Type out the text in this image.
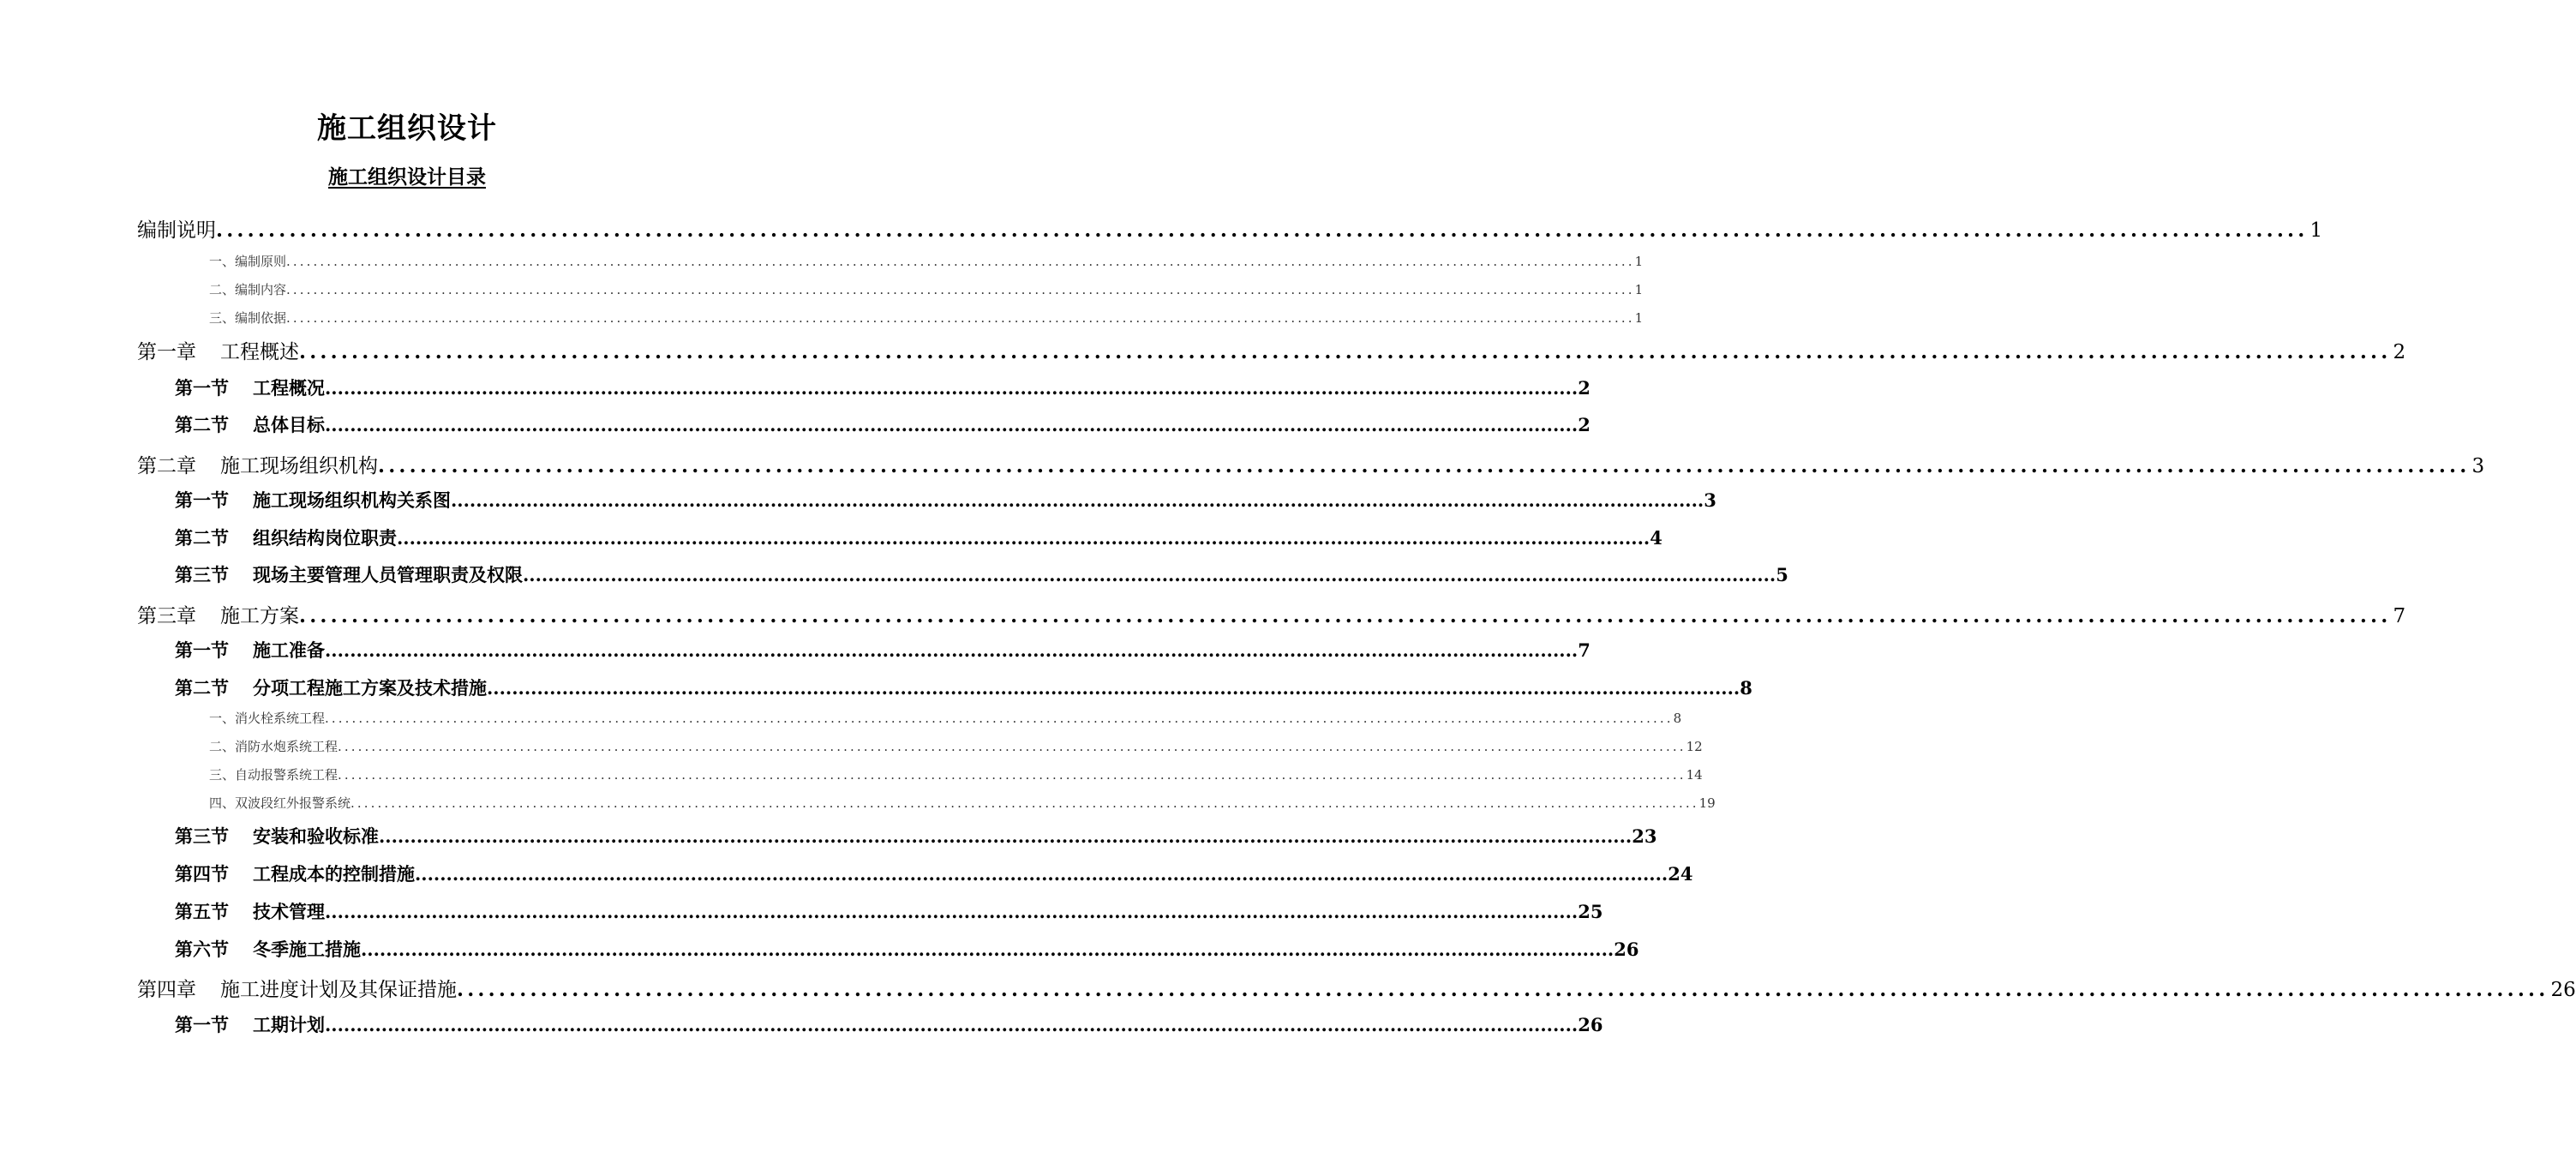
施工组织设计
施工组织设计目录
编制说明 ........................................................................................................................................................................................................ 1
一、编制原则 ........................................................................................................................................................................................................ 1
二、编制内容 ........................................................................................................................................................................................................ 1
三、编制依据 ........................................................................................................................................................................................................ 1
第一章 工程概述 ........................................................................................................................................................................................................ 2
第一节 工程概况 ........................................................................................................................................................................................................ 2
第二节 总体目标 ........................................................................................................................................................................................................ 2
第二章 施工现场组织机构 ........................................................................................................................................................................................................ 3
第一节 施工现场组织机构关系图 ........................................................................................................................................................................................................ 3
第二节 组织结构岗位职责 ........................................................................................................................................................................................................ 4
第三节 现场主要管理人员管理职责及权限 ........................................................................................................................................................................................................ 5
第三章 施工方案 ........................................................................................................................................................................................................ 7
第一节 施工准备 ........................................................................................................................................................................................................ 7
第二节 分项工程施工方案及技术措施 ........................................................................................................................................................................................................ 8
一、消火栓系统工程 ........................................................................................................................................................................................................ 8
二、消防水炮系统工程 ........................................................................................................................................................................................................ 12
三、自动报警系统工程 ........................................................................................................................................................................................................ 14
四、双波段红外报警系统 ........................................................................................................................................................................................................ 19
第三节 安装和验收标准 ........................................................................................................................................................................................................ 23
第四节 工程成本的控制措施 ........................................................................................................................................................................................................ 24
第五节 技术管理 ........................................................................................................................................................................................................ 25
第六节 冬季施工措施 ........................................................................................................................................................................................................ 26
第四章 施工进度计划及其保证措施 ........................................................................................................................................................................................................ 26
第一节 工期计划 ........................................................................................................................................................................................................ 26
